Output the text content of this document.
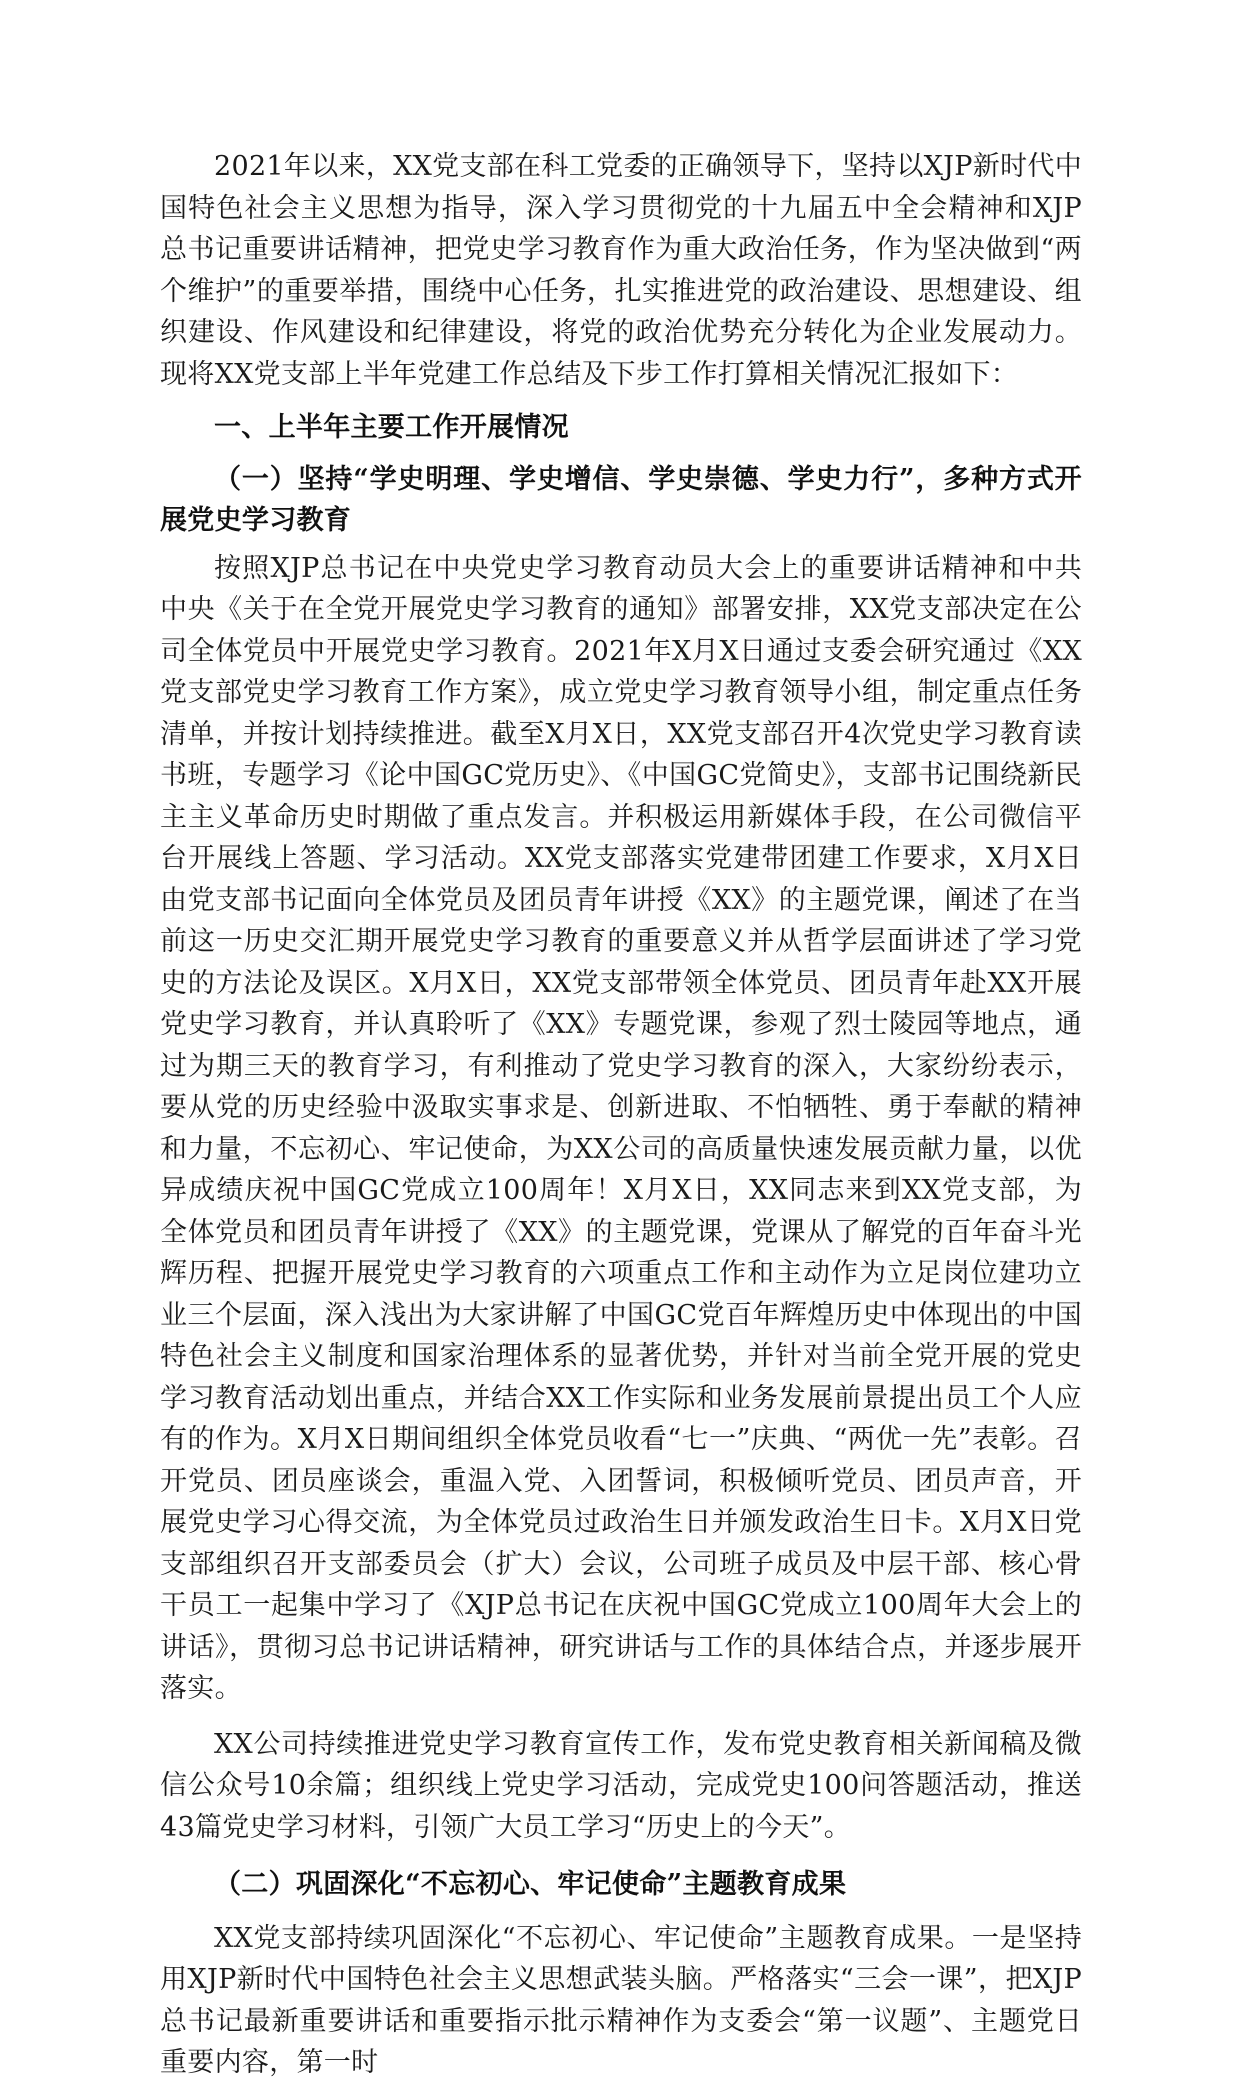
2021年以来，XX党支部在科工党委的正确领导下，坚持以XJP新时代中国特色社会主义思想为指导，深入学习贯彻党的十九届五中全会精神和XJP总书记重要讲话精神，把党史学习教育作为重大政治任务，作为坚决做到“两个维护”的重要举措，围绕中心任务，扎实推进党的政治建设、思想建设、组织建设、作风建设和纪律建设，将党的政治优势充分转化为企业发展动力。现将XX党支部上半年党建工作总结及下步工作打算相关情况汇报如下：

一、上半年主要工作开展情况

（一）坚持“学史明理、学史增信、学史崇德、学史力行”，多种方式开展党史学习教育

按照XJP总书记在中央党史学习教育动员大会上的重要讲话精神和中共中央《关于在全党开展党史学习教育的通知》部署安排，XX党支部决定在公司全体党员中开展党史学习教育。2021年X月X日通过支委会研究通过《XX党支部党史学习教育工作方案》，成立党史学习教育领导小组，制定重点任务清单，并按计划持续推进。截至X月X日，XX党支部召开4次党史学习教育读书班，专题学习《论中国GC党历史》、《中国GC党简史》，支部书记围绕新民主主义革命历史时期做了重点发言。并积极运用新媒体手段，在公司微信平台开展线上答题、学习活动。XX党支部落实党建带团建工作要求，X月X日由党支部书记面向全体党员及团员青年讲授《XX》的主题党课，阐述了在当前这一历史交汇期开展党史学习教育的重要意义并从哲学层面讲述了学习党史的方法论及误区。X月X日，XX党支部带领全体党员、团员青年赴XX开展党史学习教育，并认真聆听了《XX》专题党课，参观了烈士陵园等地点，通过为期三天的教育学习，有利推动了党史学习教育的深入，大家纷纷表示，要从党的历史经验中汲取实事求是、创新进取、不怕牺牲、勇于奉献的精神和力量，不忘初心、牢记使命，为XX公司的高质量快速发展贡献力量，以优异成绩庆祝中国GC党成立100周年！X月X日，XX同志来到XX党支部，为全体党员和团员青年讲授了《XX》的主题党课，党课从了解党的百年奋斗光辉历程、把握开展党史学习教育的六项重点工作和主动作为立足岗位建功立业三个层面，深入浅出为大家讲解了中国GC党百年辉煌历史中体现出的中国特色社会主义制度和国家治理体系的显著优势，并针对当前全党开展的党史学习教育活动划出重点，并结合XX工作实际和业务发展前景提出员工个人应有的作为。X月X日期间组织全体党员收看“七一”庆典、“两优一先”表彰。召开党员、团员座谈会，重温入党、入团誓词，积极倾听党员、团员声音，开展党史学习心得交流，为全体党员过政治生日并颁发政治生日卡。X月X日党支部组织召开支部委员会（扩大）会议，公司班子成员及中层干部、核心骨干员工一起集中学习了《XJP总书记在庆祝中国GC党成立100周年大会上的讲话》，贯彻习总书记讲话精神，研究讲话与工作的具体结合点，并逐步展开落实。

XX公司持续推进党史学习教育宣传工作，发布党史教育相关新闻稿及微信公众号10余篇；组织线上党史学习活动，完成党史100问答题活动，推送43篇党史学习材料，引领广大员工学习“历史上的今天”。

（二）巩固深化“不忘初心、牢记使命”主题教育成果

XX党支部持续巩固深化“不忘初心、牢记使命”主题教育成果。一是坚持用XJP新时代中国特色社会主义思想武装头脑。严格落实“三会一课”，把XJP总书记最新重要讲话和重要指示批示精神作为支委会“第一议题”、主题党日重要内容，第一时
